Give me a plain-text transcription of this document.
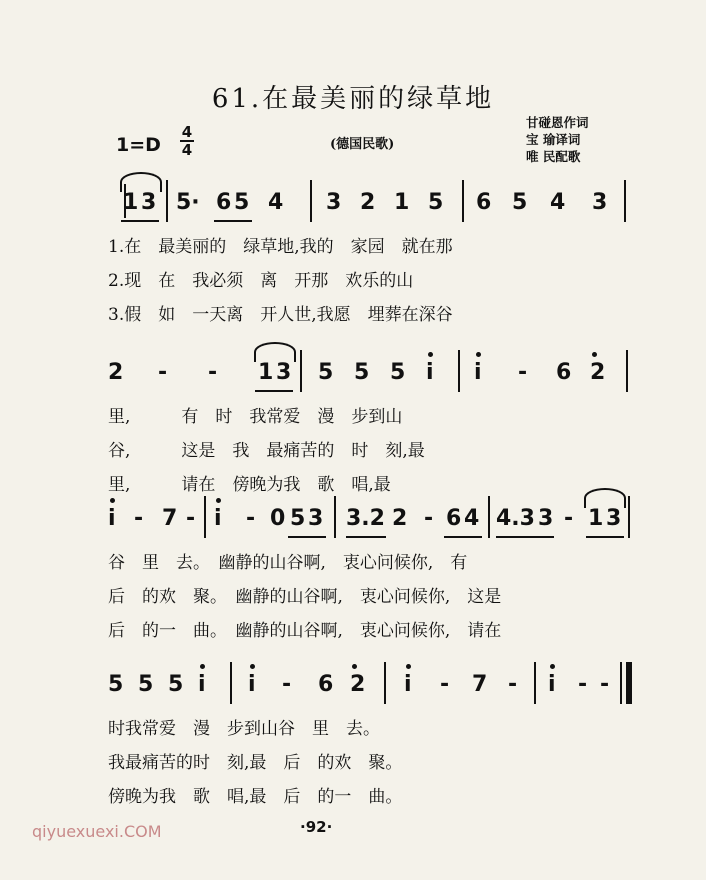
61.在最美丽的绿草地
1=D
4
4	(德国民歌)
甘碰恩作词
宝 瑜译词
唯 民配歌
1 3 5· 6 5 4 3 2 1 5 6 5 4 3
1.在　最美丽的　绿草地,我的　家园　就在那
2.现　在　我必须　离　开那　欢乐的山
3.假　如　一天离　开人世,我愿　埋葬在深谷
2 - - 1 3 5 5 5 i i - 6 2
里,　　　有　时　我常爱　漫　步到山
谷,　　　这是　我　最痛苦的　时　刻,最
里,　　　请在　傍晚为我　歌　唱,最
i - 7 - i - 0 5 3 3.2 2 - 6 4 4.3 3 - 1 3
谷　里　去。　幽静的山谷啊,　衷心问候你,　有
后　的欢　聚。　幽静的山谷啊,　衷心问候你,　这是
后　的一　曲。　幽静的山谷啊,　衷心问候你,　请在
5 5 5 i i - 6 2 i - 7 - i - -
时我常爱　漫　步到山谷　里　去。
我最痛苦的时　刻,最　后　的欢　聚。
傍晚为我　歌　唱,最　后　的一　曲。
qiyuexuexi.COM	·92·
